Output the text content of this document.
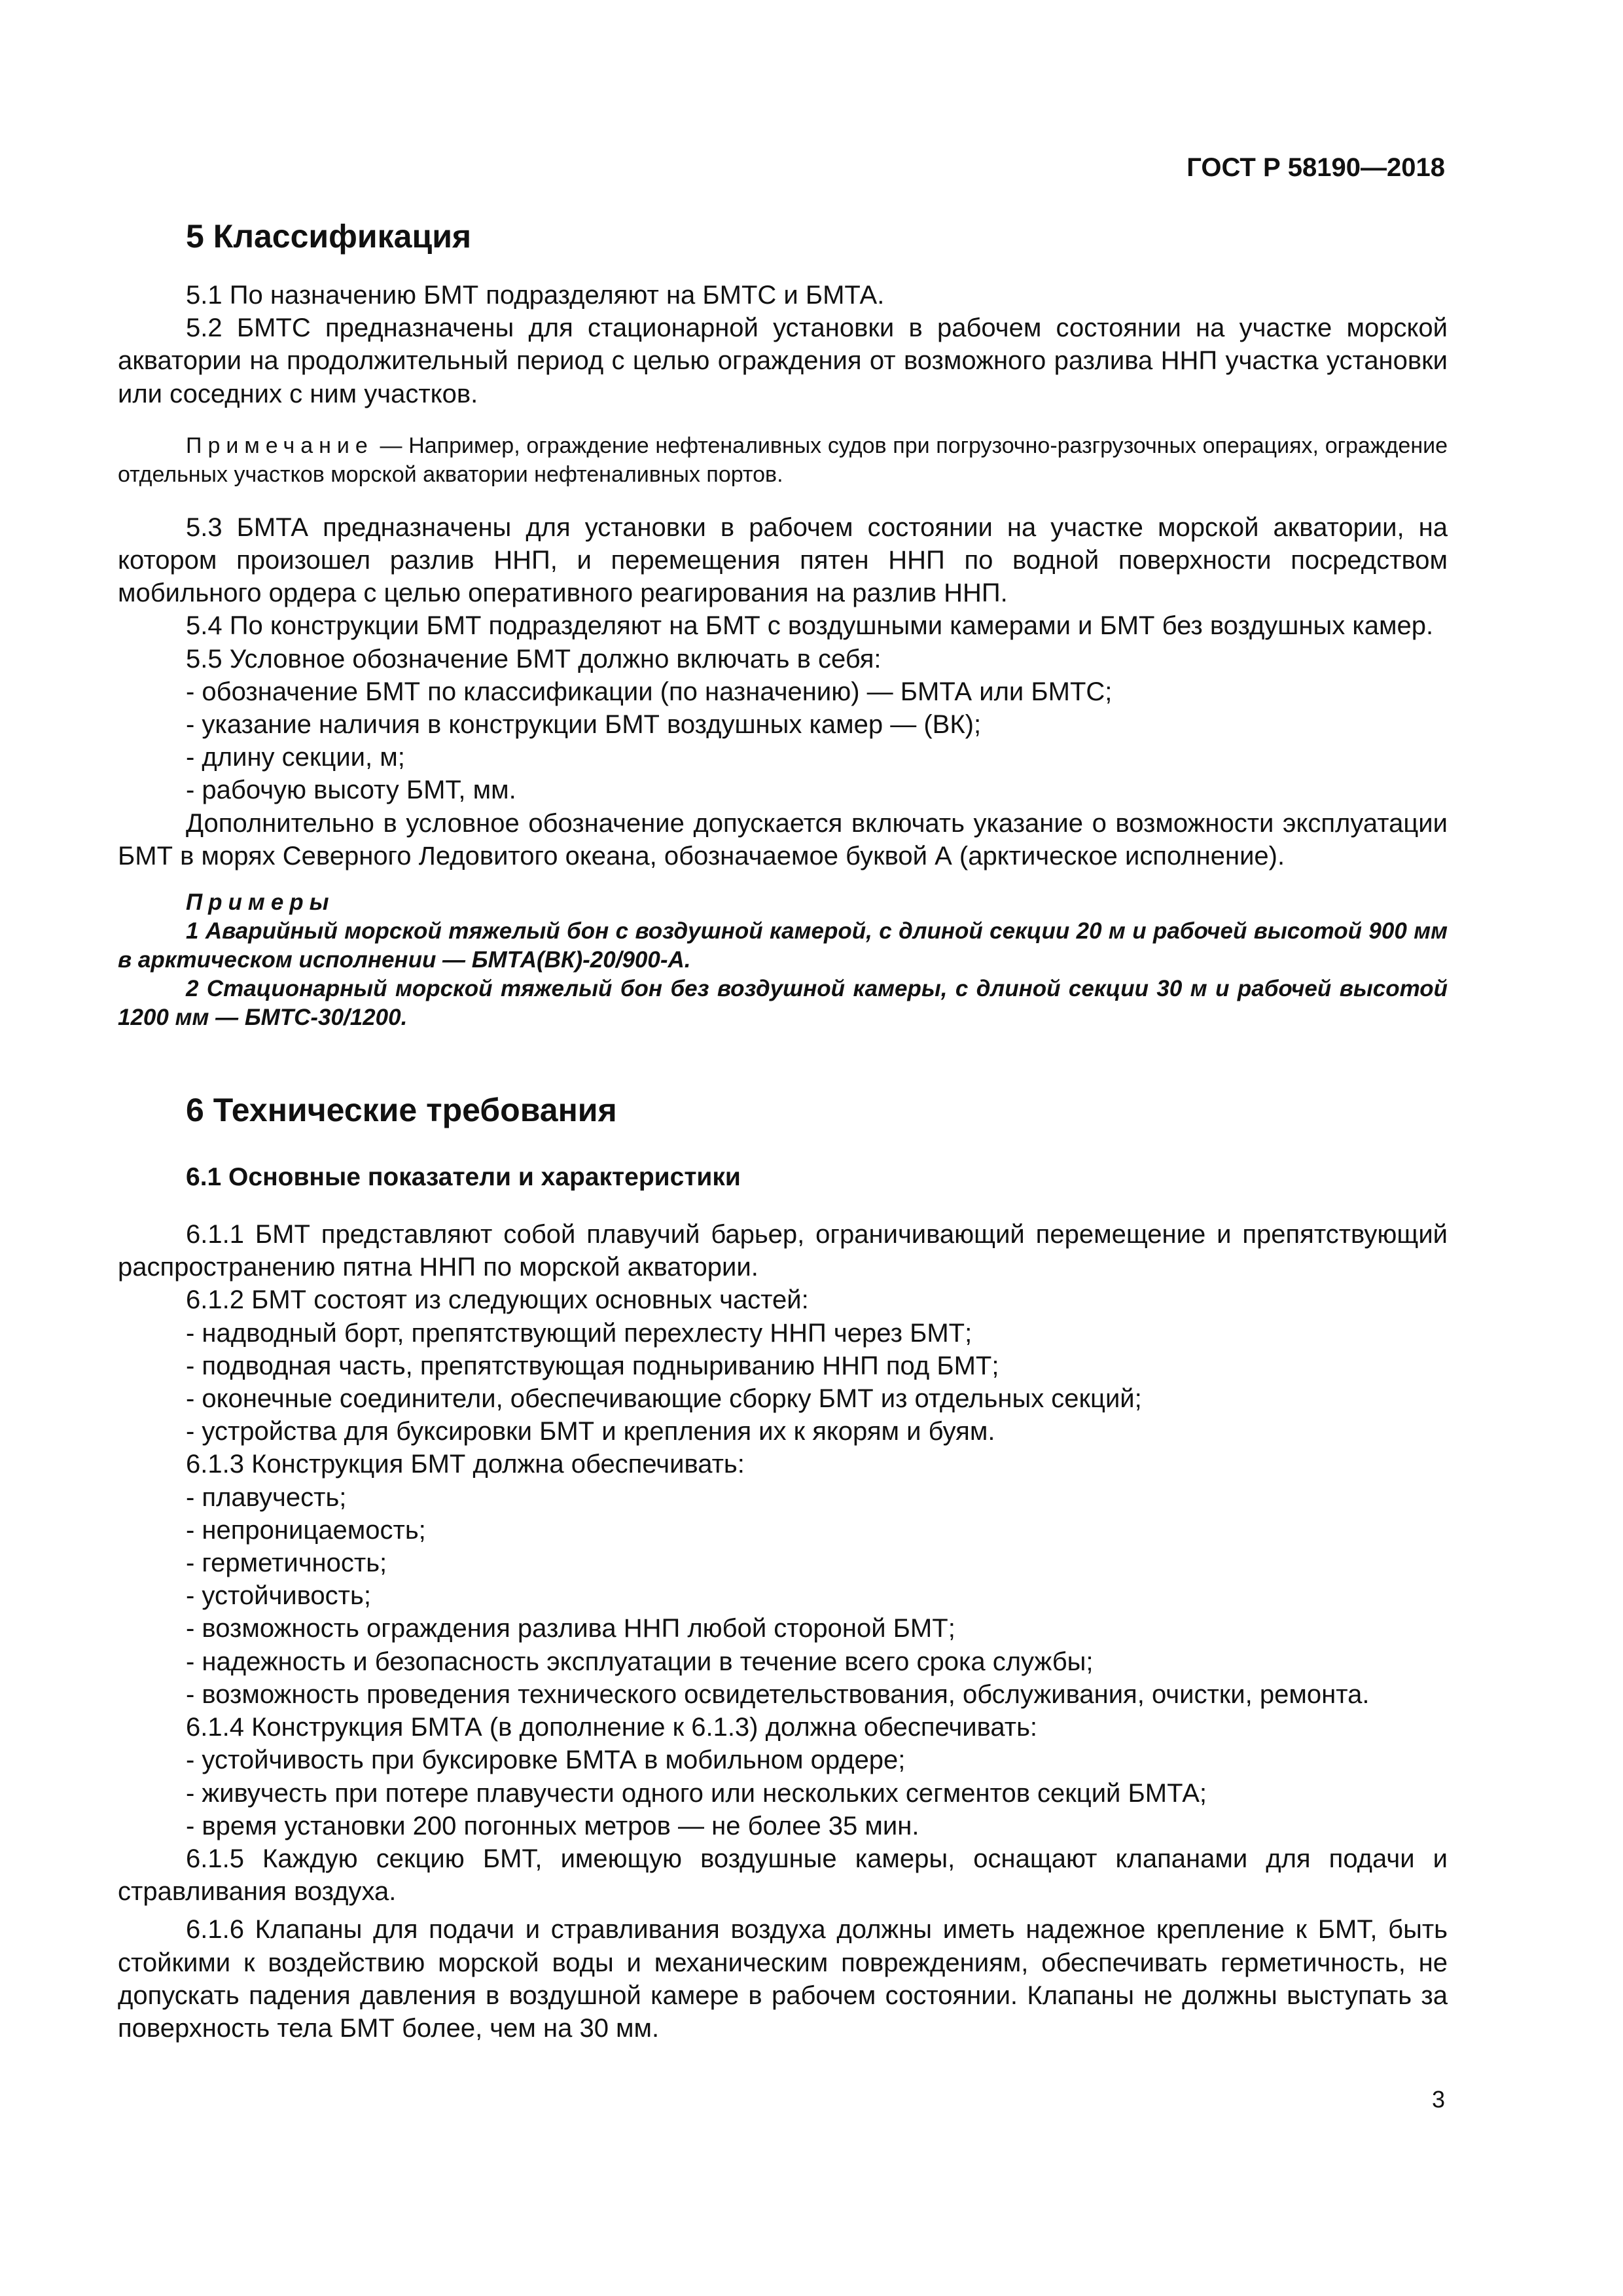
ГОСТ Р 58190—2018

5 Классификация

5.1 По назначению БМТ подразделяют на БМТС и БМТА.

5.2 БМТС предназначены для стационарной установки в рабочем состоянии на участке морской акватории на продолжительный период с целью ограждения от возможного разлива ННП участка установки или соседних с ним участков.

Примечание — Например, ограждение нефтеналивных судов при погрузочно-разгрузочных операциях, ограждение отдельных участков морской акватории нефтеналивных портов.

5.3 БМТА предназначены для установки в рабочем состоянии на участке морской акватории, на котором произошел разлив ННП, и перемещения пятен ННП по водной поверхности посредством мобильного ордера с целью оперативного реагирования на разлив ННП.

5.4 По конструкции БМТ подразделяют на БМТ с воздушными камерами и БМТ без воздушных камер.

5.5 Условное обозначение БМТ должно включать в себя:

- обозначение БМТ по классификации (по назначению) — БМТА или БМТС;

- указание наличия в конструкции БМТ воздушных камер — (ВК);

- длину секции, м;

- рабочую высоту БМТ, мм.

Дополнительно в условное обозначение допускается включать указание о возможности эксплуатации БМТ в морях Северного Ледовитого океана, обозначаемое буквой А (арктическое исполнение).

Примеры

1 Аварийный морской тяжелый бон с воздушной камерой, с длиной секции 20 м и рабочей высотой 900 мм в арктическом исполнении — БМТА(ВК)-20/900-А.

2 Стационарный морской тяжелый бон без воздушной камеры, с длиной секции 30 м и рабочей высотой 1200 мм — БМТС-30/1200.

6 Технические требования
6.1 Основные показатели и характеристики

6.1.1 БМТ представляют собой плавучий барьер, ограничивающий перемещение и препятствующий распространению пятна ННП по морской акватории.

6.1.2 БМТ состоят из следующих основных частей:

- надводный борт, препятствующий перехлесту ННП через БМТ;

- подводная часть, препятствующая подныриванию ННП под БМТ;

- оконечные соединители, обеспечивающие сборку БМТ из отдельных секций;

- устройства для буксировки БМТ и крепления их к якорям и буям.

6.1.3 Конструкция БМТ должна обеспечивать:

- плавучесть;

- непроницаемость;

- герметичность;

- устойчивость;

- возможность ограждения разлива ННП любой стороной БМТ;

- надежность и безопасность эксплуатации в течение всего срока службы;

- возможность проведения технического освидетельствования, обслуживания, очистки, ремонта.

6.1.4 Конструкция БМТА (в дополнение к 6.1.3) должна обеспечивать:

- устойчивость при буксировке БМТА в мобильном ордере;

- живучесть при потере плавучести одного или нескольких сегментов секций БМТА;

- время установки 200 погонных метров — не более 35 мин.

6.1.5 Каждую секцию БМТ, имеющую воздушные камеры, оснащают клапанами для подачи и стравливания воздуха.

6.1.6 Клапаны для подачи и стравливания воздуха должны иметь надежное крепление к БМТ, быть стойкими к воздействию морской воды и механическим повреждениям, обеспечивать герметичность, не допускать падения давления в воздушной камере в рабочем состоянии. Клапаны не должны выступать за поверхность тела БМТ более, чем на 30 мм.

3
